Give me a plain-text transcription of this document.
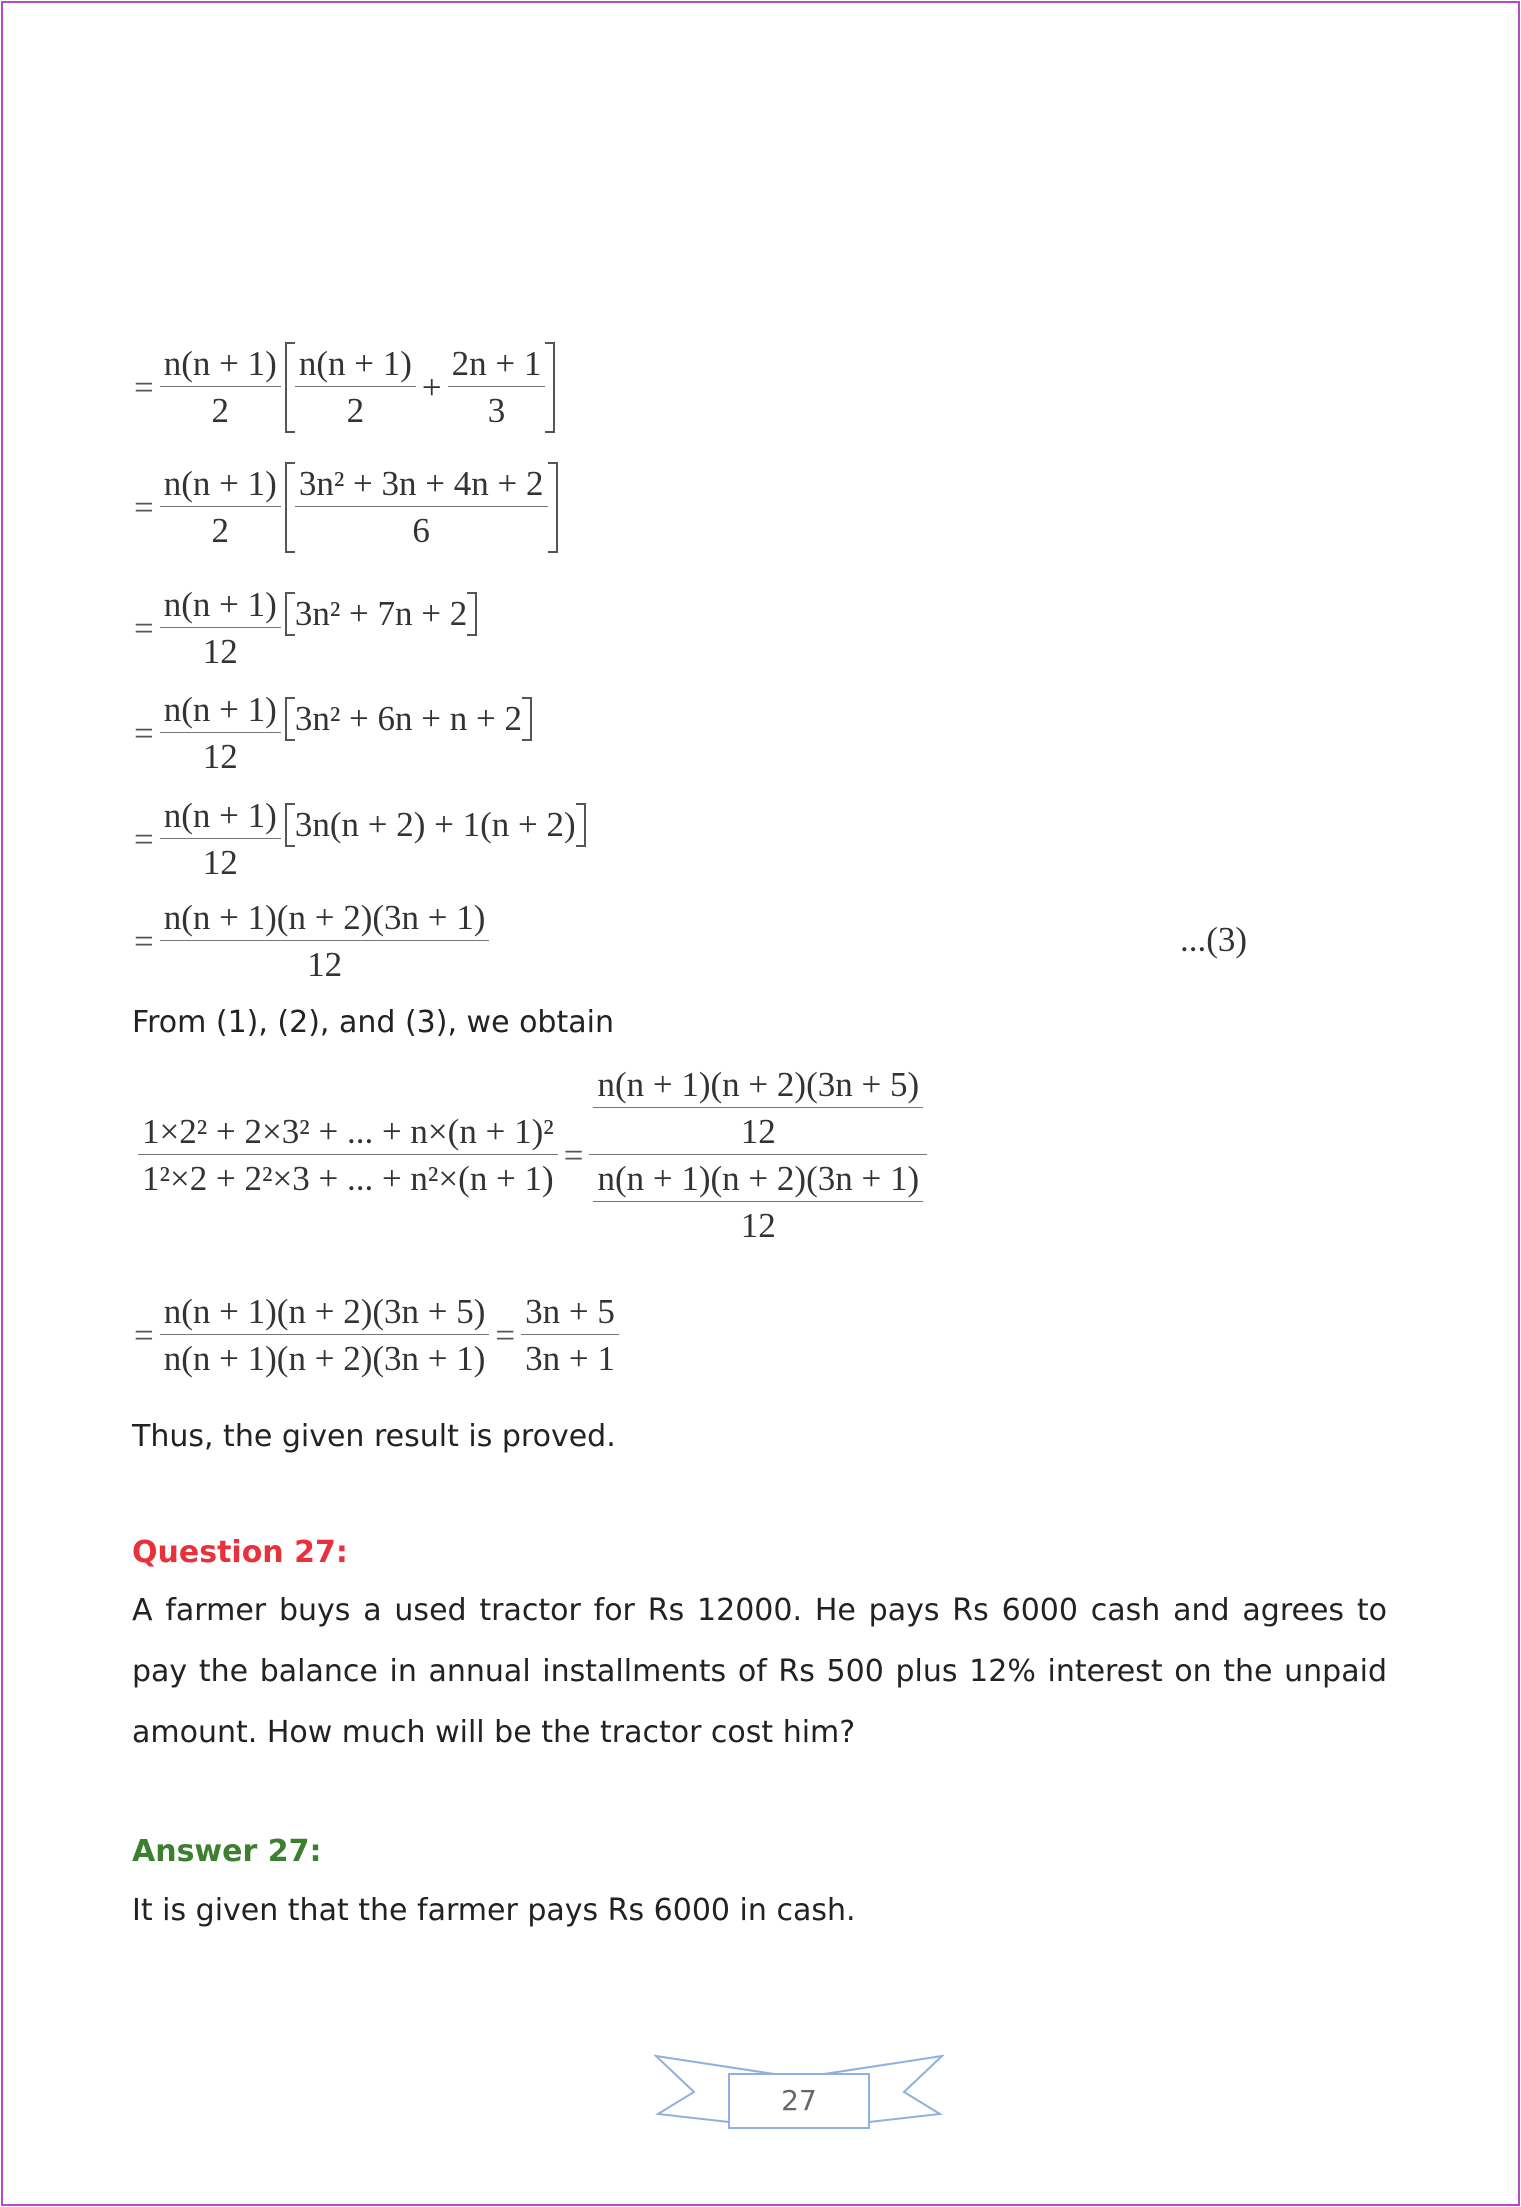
= $\frac{n(n + 1)}{2} \frac{n(n + 1)}{2} + \frac{2n + 1}{3}$
= $\frac{n(n + 1)}{2} \frac{\text{3n² + 3n + 4n + 2}}{6}$
= $\frac{n(n + 1)}{12} 3n^2 + 7n + 2$
= $\frac{n(n + 1)}{12} 3n^2 + 6n + n + 2$
= $\frac{n(n + 1)}{12} 3n(n + 2) + 1(n + 2)$
= $\frac{n(n + 1)(n + 2)(3n + 1)}{12}$	...(3)
From (1), (2), and (3), we obtain
$\frac{\text{1×2² + 2×3² + ... + n×(n + 1)²}}{\text{1²×2 + 2²×3 + ... + n²×(n + 1)}} = \frac{\frac{n(n + 1)(n + 2)(3n + 5)}{12}}{\frac{n(n + 1)(n + 2)(3n + 1)}{12}}$
= $\frac{n(n + 1)(n + 2)(3n + 5)}{n(n + 1)(n + 2)(3n + 1)} = \frac{3n + 5}{3n + 1}$
Thus, the given result is proved.
Question 27:
A farmer buys a used tractor for Rs 12000. He pays Rs 6000 cash and agrees to pay the balance in annual installments of Rs 500 plus 12% interest on the unpaid amount. How much will be the tractor cost him?
Answer 27:
It is given that the farmer pays Rs 6000 in cash.
27
